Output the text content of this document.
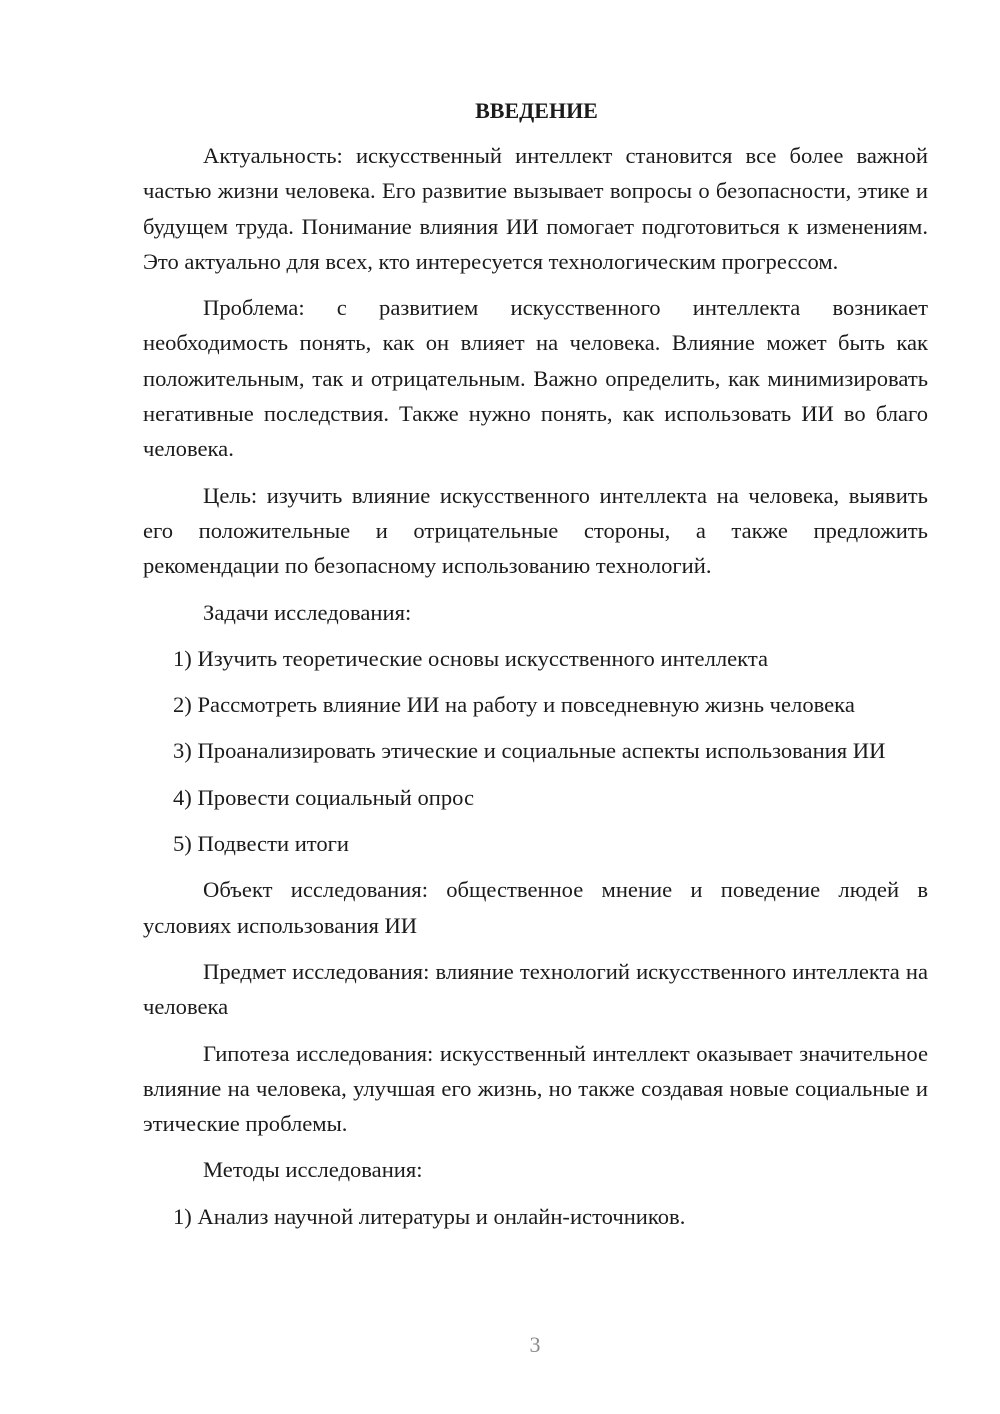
ВВЕДЕНИЕ

Актуальность: искусственный интеллект становится все более важной частью жизни человека. Его развитие вызывает вопросы о безопасности, этике и будущем труда. Понимание влияния ИИ помогает подготовиться к изменениям. Это актуально для всех, кто интересуется технологическим прогрессом.

Проблема: с развитием искусственного интеллекта возникает необходимость понять, как он влияет на человека. Влияние может быть как положительным, так и отрицательным. Важно определить, как минимизировать негативные последствия. Также нужно понять, как использовать ИИ во благо человека.

Цель: изучить влияние искусственного интеллекта на человека, выявить его положительные и отрицательные стороны, а также предложить рекомендации по безопасному использованию технологий.

Задачи исследования:

1) Изучить теоретические основы искусственного интеллекта

2) Рассмотреть влияние ИИ на работу и повседневную жизнь человека

3) Проанализировать этические и социальные аспекты использования ИИ

4) Провести социальный опрос

5) Подвести итоги

Объект исследования: общественное мнение и поведение людей в условиях использования ИИ

Предмет исследования: влияние технологий искусственного интеллекта на человека

Гипотеза исследования: искусственный интеллект оказывает значительное влияние на человека, улучшая его жизнь, но также создавая новые социальные и этические проблемы.

Методы исследования:

1) Анализ научной литературы и онлайн-источников.

3
